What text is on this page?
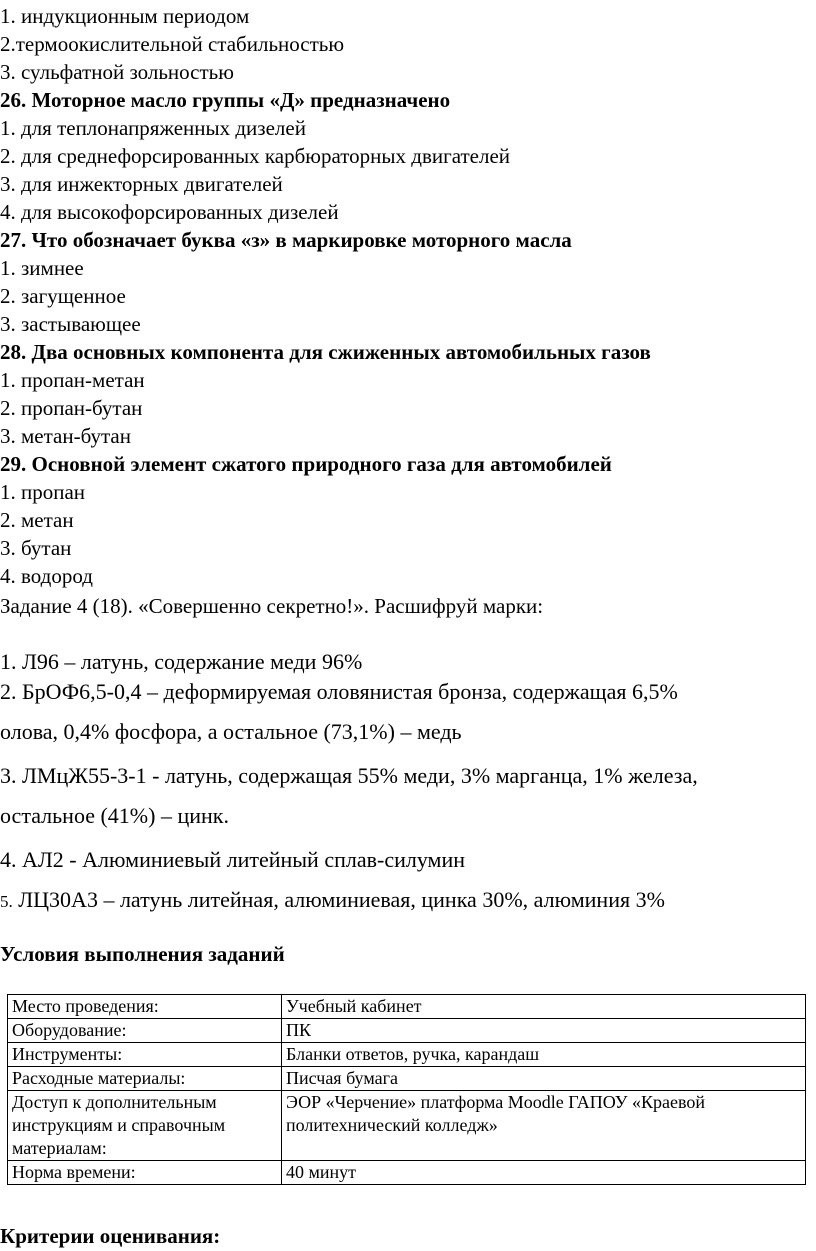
1. индукционным периодом
2.термоокислительной стабильностью
3. сульфатной зольностью
26. Моторное масло группы «Д» предназначено
1. для теплонапряженных дизелей
2. для среднефорсированных карбюраторных двигателей
3. для инжекторных двигателей
4. для высокофорсированных дизелей
27. Что обозначает буква «з» в маркировке моторного масла
1. зимнее
2. загущенное
3. застывающее
28. Два основных компонента для сжиженных автомобильных газов
1. пропан-метан
2. пропан-бутан
3. метан-бутан
29. Основной элемент сжатого природного газа для автомобилей
1. пропан
2. метан
3. бутан
4. водород
Задание 4 (18). «Совершенно секретно!». Расшифруй марки:
1. Л96 – латунь, содержание меди 96%
2. БрОФ6,5-0,4 – деформируемая оловянистая бронза, содержащая 6,5%
олова, 0,4% фосфора, а остальное (73,1%) – медь
3. ЛМцЖ55-3-1 - латунь, содержащая 55% меди, 3% марганца, 1% железа,
остальное (41%) – цинк.
4. АЛ2 - Алюминиевый литейный сплав-силумин
5. ЛЦ30А3 – латунь литейная, алюминиевая, цинка 30%, алюминия 3%
Условия выполнения заданий
Место проведения:	Учебный кабинет
Оборудование:	ПК
Инструменты:	Бланки ответов, ручка, карандаш
Расходные материалы:	Писчая бумага
Доступ к дополнительным инструкциям и справочным материалам:	ЭОР «Черчение» платформа Moodle ГАПОУ «Краевой политехнический колледж»
Норма времени:	40 минут
Критерии оценивания:
